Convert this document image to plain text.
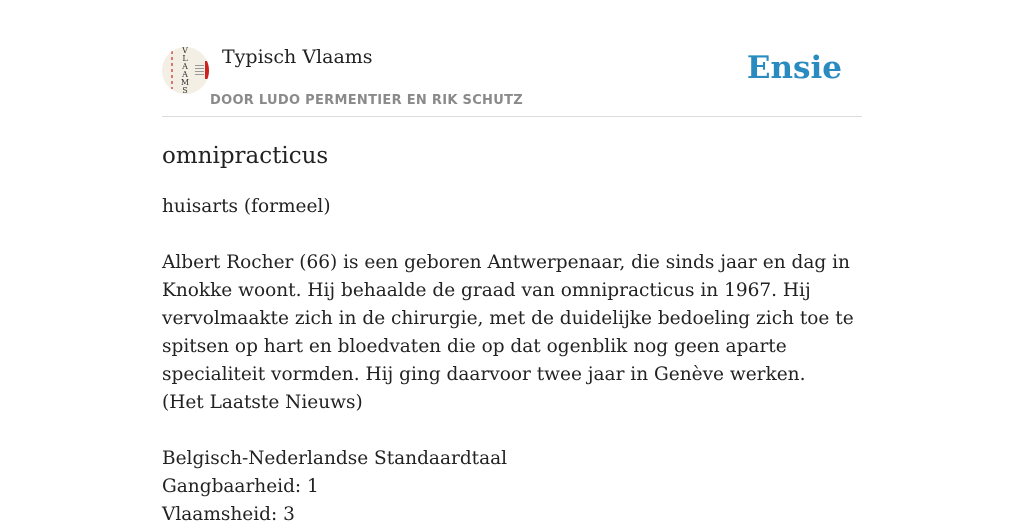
V
L
A
A
M
S
Typisch Vlaams
DOOR LUDO PERMENTIER EN RIK SCHUTZ
Ensie
omnipracticus

huisarts (formeel)

Albert Rocher (66) is een geboren Antwerpenaar, die sinds jaar en dag in Knokke woont. Hij behaalde de graad van omnipracticus in 1967. Hij vervolmaakte zich in de chirurgie, met de duidelijke bedoeling zich toe te spitsen op hart en bloedvaten die op dat ogenblik nog geen aparte specialiteit vormden. Hij ging daarvoor twee jaar in Genève werken.

(Het Laatste Nieuws)

Belgisch-Nederlandse Standaardtaal

Gangbaarheid: 1

Vlaamsheid: 3
